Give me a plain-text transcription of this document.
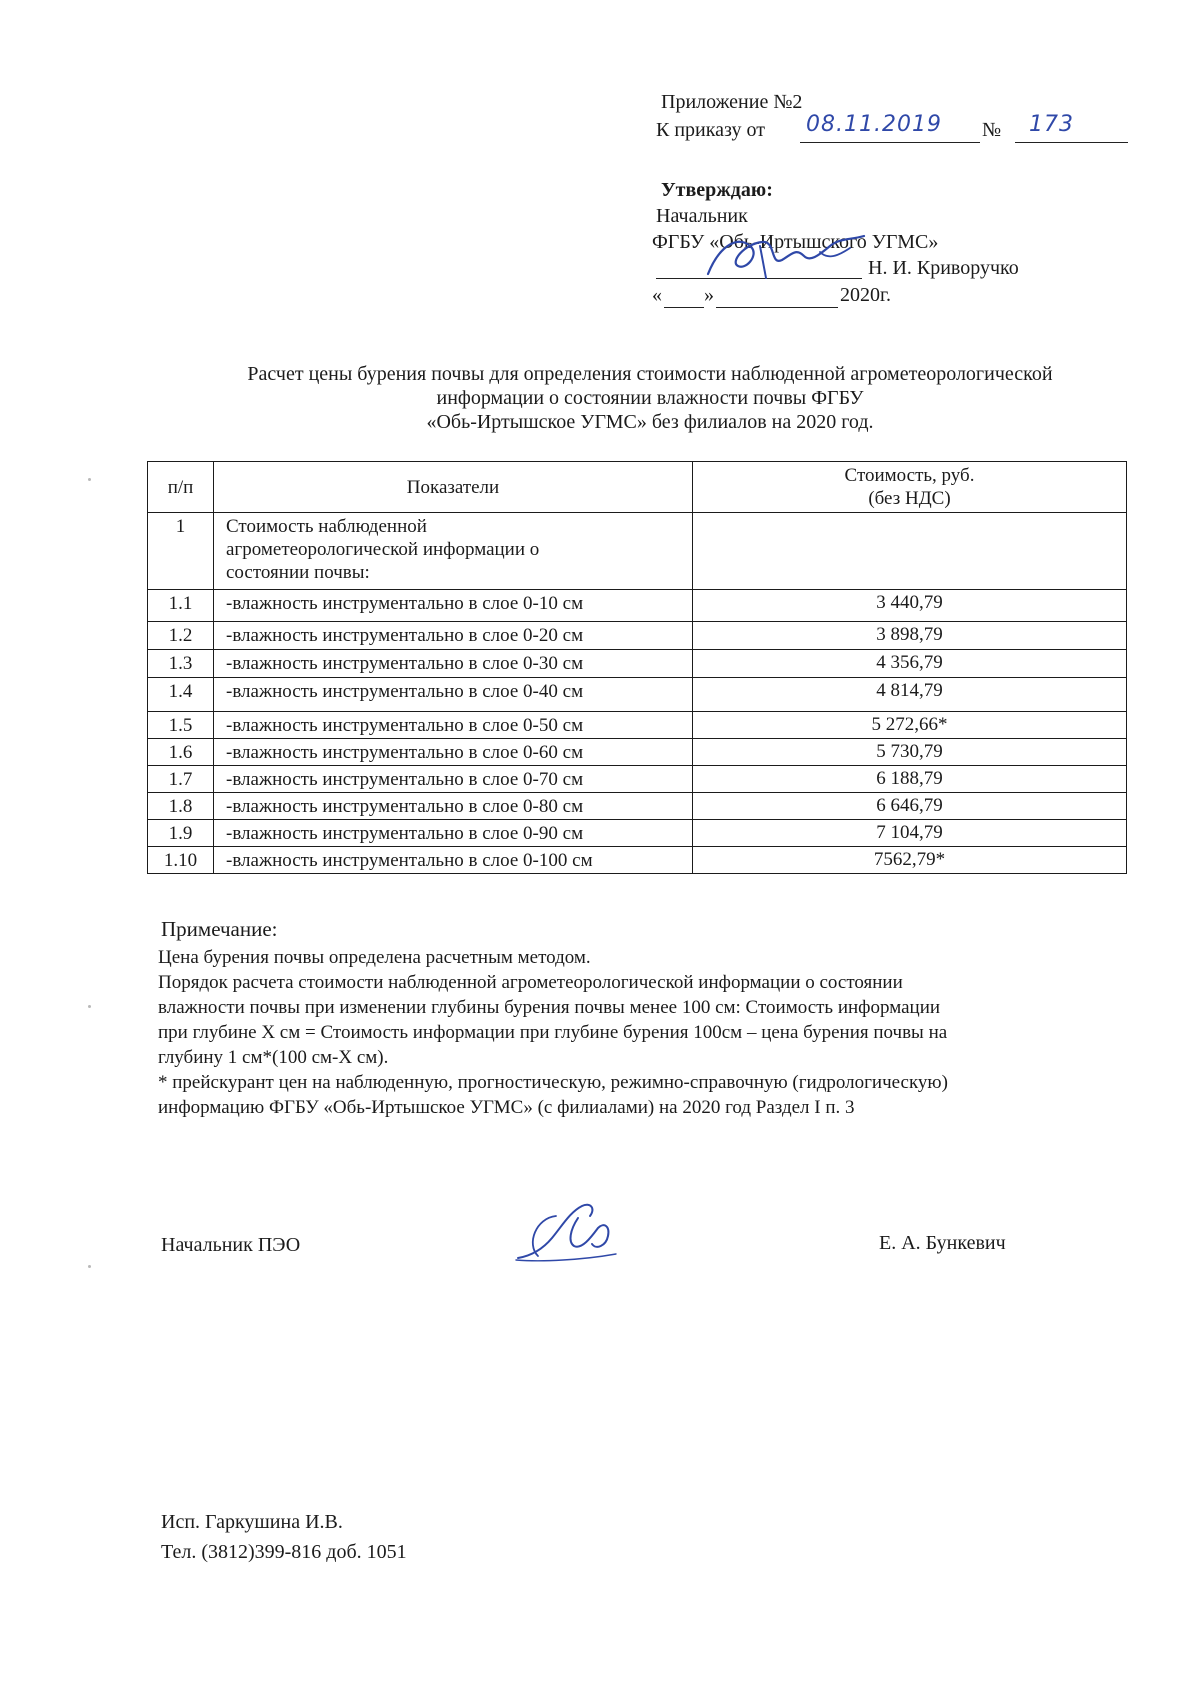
Приложение №2
К приказу от 08.11.2019 № 173
Утверждаю:
Начальник
ФГБУ «Обь-Иртышского УГМС»
Н. И. Криворучко
« »	2020г.
Расчет цены бурения почвы для определения стоимости наблюденной агрометеорологической
информации о состоянии влажности почвы ФГБУ
«Обь-Иртышское УГМС» без филиалов на 2020 год.
п/п	Показатели	Стоимость, руб.
(без НДС)

1	Стоимость наблюденной
агрометеорологической информации о
состоянии почвы:	

1.1	-влажность инструментально в слое 0-10 см	3 440,79
1.2	-влажность инструментально в слое 0-20 см	3 898,79
1.3	-влажность инструментально в слое 0-30 см	4 356,79
1.4	-влажность инструментально в слое 0-40 см	4 814,79
1.5	-влажность инструментально в слое 0-50 см	5 272,66*
1.6	-влажность инструментально в слое 0-60 см	5 730,79
1.7	-влажность инструментально в слое 0-70 см	6 188,79
1.8	-влажность инструментально в слое 0-80 см	6 646,79
1.9	-влажность инструментально в слое 0-90 см	7 104,79
1.10	-влажность инструментально в слое 0-100 см	7562,79*
Примечание:

Цена бурения почвы определена расчетным методом.

Порядок расчета стоимости наблюденной агрометеорологической информации о состоянии

влажности почвы при изменении глубины бурения почвы менее 100 см: Стоимость информации

при глубине Х см = Стоимость информации при глубине бурения 100см – цена бурения почвы на

глубину 1 см*(100 см-Х см).

* прейскурант цен на наблюденную, прогностическую, режимно-справочную (гидрологическую)

информацию ФГБУ «Обь-Иртышское УГМС» (с филиалами) на 2020 год Раздел I п. 3

Начальник ПЭО	Е. А. Бункевич
Исп. Гаркушина И.В.
Тел. (3812)399-816 доб. 1051
